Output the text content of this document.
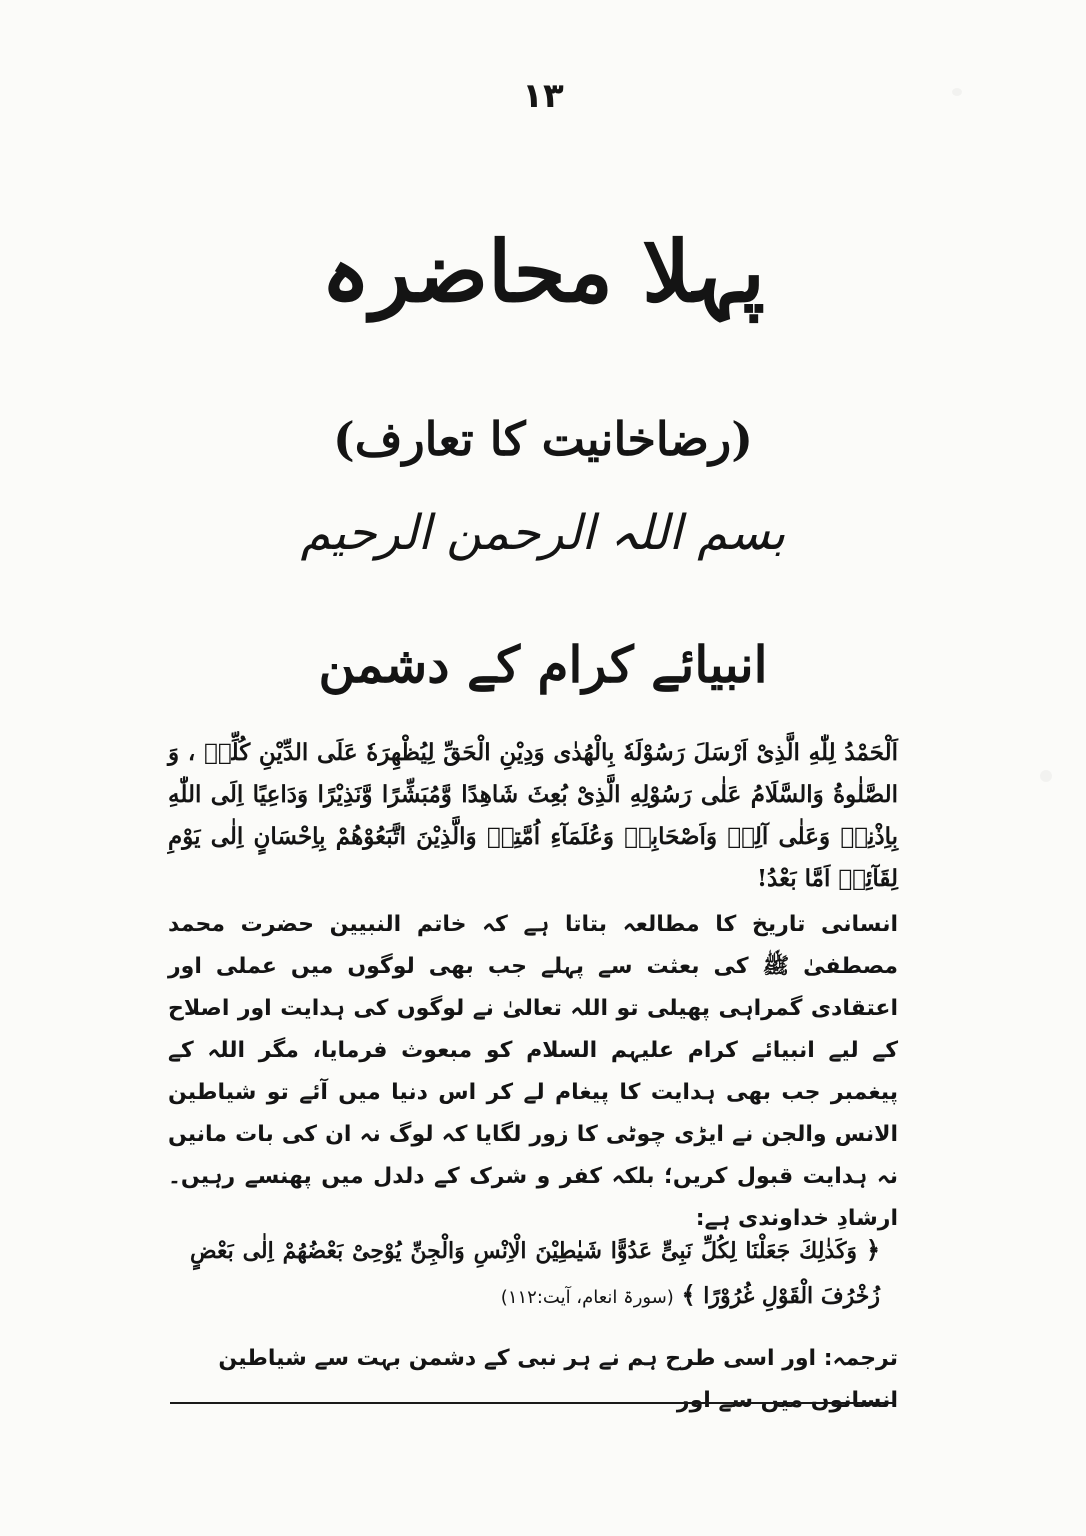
۱۳
پہلا محاضرہ
(رضاخانیت کا تعارف)
بسم اللہ الرحمن الرحیم
انبیائے کرام کے دشمن

اَلْحَمْدُ لِلّٰهِ الَّذِیْ اَرْسَلَ رَسُوْلَهٗ بِالْهُدٰی وَدِیْنِ الْحَقِّ لِیُظْهِرَهٗ عَلَی الدِّیْنِ كُلِّهٖ ، وَ الصَّلٰوةُ وَالسَّلَامُ عَلٰی رَسُوْلِهِ الَّذِیْ بُعِثَ شَاهِدًا وَّمُبَشِّرًا وَّنَذِیْرًا وَدَاعِیًا اِلَی اللّٰهِ بِاِذْنِهٖ وَعَلٰی آلِهٖ وَاَصْحَابِهٖ وَعُلَمَآءِ اُمَّتِهٖ وَالَّذِیْنَ اتَّبَعُوْهُمْ بِاِحْسَانٍ اِلٰی یَوْمِ لِقَآئِهٖ اَمَّا بَعْدُ!

انسانی تاریخ کا مطالعہ بتاتا ہے کہ خاتم النبیین حضرت محمد مصطفیٰ ﷺ کی بعثت سے پہلے جب بھی لوگوں میں عملی اور اعتقادی گمراہی پھیلی تو اللہ تعالیٰ نے لوگوں کی ہدایت اور اصلاح کے لیے انبیائے کرام علیہم السلام کو مبعوث فرمایا، مگر اللہ کے پیغمبر جب بھی ہدایت کا پیغام لے کر اس دنیا میں آئے تو شیاطین الانس والجن نے ایڑی چوٹی کا زور لگایا کہ لوگ نہ ان کی بات مانیں نہ ہدایت قبول کریں؛ بلکہ کفر و شرک کے دلدل میں پھنسے رہیں۔ ارشادِ خداوندی ہے:

﴿ وَكَذٰلِكَ جَعَلْنَا لِكُلِّ نَبِیٍّ عَدُوًّا شَیٰطِیْنَ الْاِنْسِ وَالْجِنِّ یُوْحِیْ بَعْضُهُمْ اِلٰی بَعْضٍ زُخْرُفَ الْقَوْلِ غُرُوْرًا ﴾ (سورۃ انعام، آیت:۱۱۲)

ترجمہ: اور اسی طرح ہم نے ہر نبی کے دشمن بہت سے شیاطین انسانوں میں سے اور
